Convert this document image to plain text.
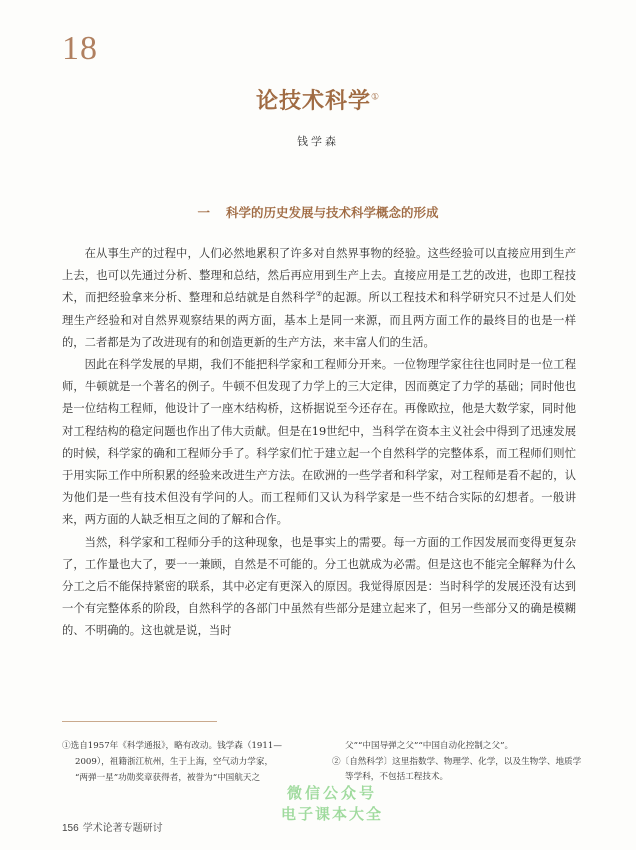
18
论技术科学①
钱学森
一 科学的历史发展与技术科学概念的形成

在从事生产的过程中，人们必然地累积了许多对自然界事物的经验。这些经验可以直接应用到生产上去，也可以先通过分析、整理和总结，然后再应用到生产上去。直接应用是工艺的改进，也即工程技术，而把经验拿来分析、整理和总结就是自然科学②的起源。所以工程技术和科学研究只不过是人们处理生产经验和对自然界观察结果的两方面，基本上是同一来源，而且两方面工作的最终目的也是一样的，二者都是为了改进现有的和创造更新的生产方法，来丰富人们的生活。

因此在科学发展的早期，我们不能把科学家和工程师分开来。一位物理学家往往也同时是一位工程师，牛顿就是一个著名的例子。牛顿不但发现了力学上的三大定律，因而奠定了力学的基础；同时他也是一位结构工程师，他设计了一座木结构桥，这桥据说至今还存在。再像欧拉，他是大数学家，同时他对工程结构的稳定问题也作出了伟大贡献。但是在19世纪中，当科学在资本主义社会中得到了迅速发展的时候，科学家的确和工程师分手了。科学家们忙于建立起一个自然科学的完整体系，而工程师们则忙于用实际工作中所积累的经验来改进生产方法。在欧洲的一些学者和科学家，对工程师是看不起的，认为他们是一些有技术但没有学问的人。而工程师们又认为科学家是一些不结合实际的幻想者。一般讲来，两方面的人缺乏相互之间的了解和合作。

当然，科学家和工程师分手的这种现象，也是事实上的需要。每一方面的工作因发展而变得更复杂了，工作量也大了，要一一兼顾，自然是不可能的。分工也就成为必需。但是这也不能完全解释为什么分工之后不能保持紧密的联系，其中必定有更深入的原因。我觉得原因是：当时科学的发展还没有达到一个有完整体系的阶段，自然科学的各部门中虽然有些部分是建立起来了，但另一些部分又的确是模糊的、不明确的。这也就是说，当时

①选自1957年《科学通报》，略有改动。钱学森（1911—
2009），祖籍浙江杭州，生于上海，空气动力学家，
“两弹一星”功勋奖章获得者，被誉为“中国航天之
父”“中国导弹之父”“中国自动化控制之父”。
②〔自然科学〕这里指数学、物理学、化学，以及生物学、地质学等学科，不包括工程技术。
156 学术论著专题研讨
微信公众号
电子课本大全
